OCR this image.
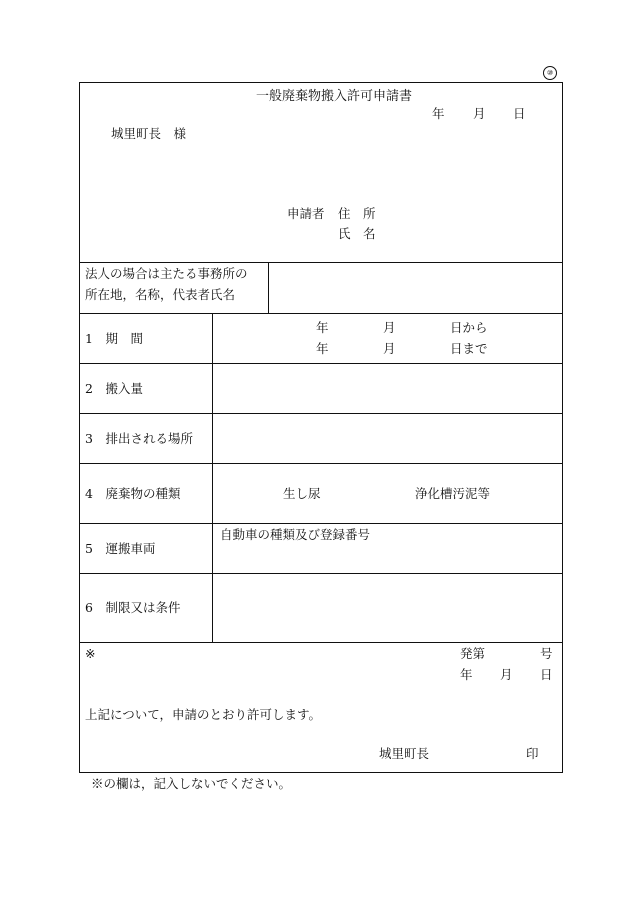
⑩
一般廃棄物搬入許可申請書
年 月 日
城里町長　様
申請者 住　所
氏　名
法人の場合は主たる事務所の
所在地，名称，代表者氏名
1　期　間
年	月	日から
年	月	日まで
2　搬入量
3　排出される場所
4　廃棄物の種類	生し尿	浄化槽汚泥等
5　運搬車両
自動車の種類及び登録番号
6　制限又は条件
※	発第	号
年 月 日
上記について，申請のとおり許可します。
城里町長	印
※の欄は，記入しないでください。
